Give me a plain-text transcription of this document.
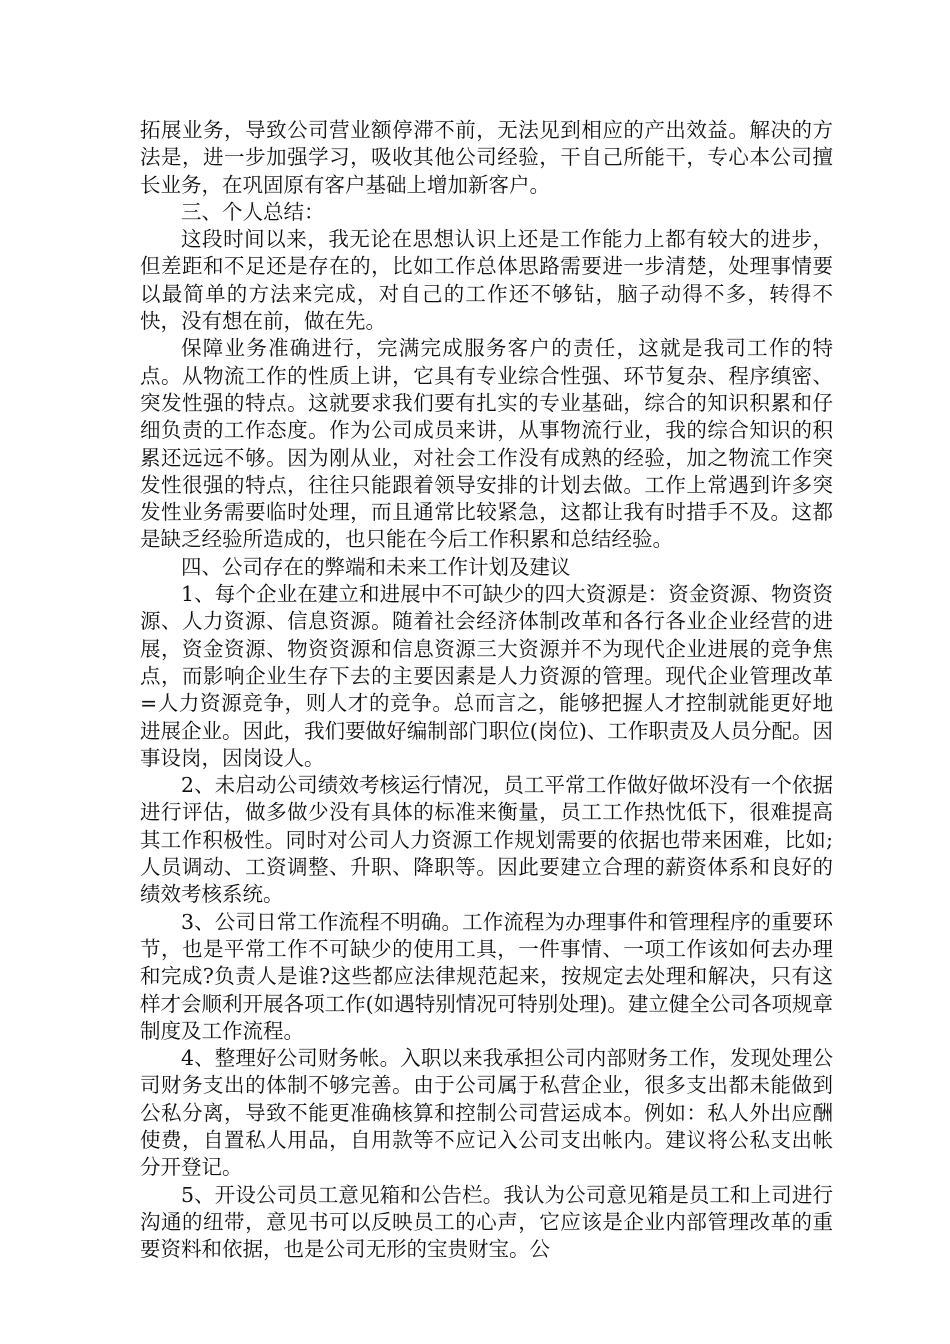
拓展业务，导致公司营业额停滞不前，无法见到相应的产出效益。解决的方法是，进一步加强学习，吸收其他公司经验，干自己所能干，专心本公司擅长业务，在巩固原有客户基础上增加新客户。

三、个人总结：

这段时间以来，我无论在思想认识上还是工作能力上都有较大的进步，但差距和不足还是存在的，比如工作总体思路需要进一步清楚，处理事情要以最简单的方法来完成，对自己的工作还不够钻，脑子动得不多，转得不快，没有想在前，做在先。

保障业务准确进行，完满完成服务客户的责任，这就是我司工作的特点。从物流工作的性质上讲，它具有专业综合性强、环节复杂、程序缜密、突发性强的特点。这就要求我们要有扎实的专业基础，综合的知识积累和仔细负责的工作态度。作为公司成员来讲，从事物流行业，我的综合知识的积累还远远不够。因为刚从业，对社会工作没有成熟的经验，加之物流工作突发性很强的特点，往往只能跟着领导安排的计划去做。工作上常遇到许多突发性业务需要临时处理，而且通常比较紧急，这都让我有时措手不及。这都是缺乏经验所造成的，也只能在今后工作积累和总结经验。

四、公司存在的弊端和未来工作计划及建议

1、每个企业在建立和进展中不可缺少的四大资源是：资金资源、物资资源、人力资源、信息资源。随着社会经济体制改革和各行各业企业经营的进展，资金资源、物资资源和信息资源三大资源并不为现代企业进展的竞争焦点，而影响企业生存下去的主要因素是人力资源的管理。现代企业管理改革=人力资源竞争，则人才的竞争。总而言之，能够把握人才控制就能更好地进展企业。因此，我们要做好编制部门职位(岗位)、工作职责及人员分配。因事设岗，因岗设人。

2、未启动公司绩效考核运行情况，员工平常工作做好做坏没有一个依据进行评估，做多做少没有具体的标准来衡量，员工工作热忱低下，很难提高其工作积极性。同时对公司人力资源工作规划需要的依据也带来困难，比如;人员调动、工资调整、升职、降职等。因此要建立合理的薪资体系和良好的绩效考核系统。

3、公司日常工作流程不明确。工作流程为办理事件和管理程序的重要环节，也是平常工作不可缺少的使用工具，一件事情、一项工作该如何去办理和完成?负责人是谁?这些都应法律规范起来，按规定去处理和解决，只有这样才会顺利开展各项工作(如遇特别情况可特别处理)。建立健全公司各项规章制度及工作流程。

4、整理好公司财务帐。入职以来我承担公司内部财务工作，发现处理公司财务支出的体制不够完善。由于公司属于私营企业，很多支出都未能做到公私分离，导致不能更准确核算和控制公司营运成本。例如：私人外出应酬使费，自置私人用品，自用款等不应记入公司支出帐内。建议将公私支出帐分开登记。

5、开设公司员工意见箱和公告栏。我认为公司意见箱是员工和上司进行沟通的纽带，意见书可以反映员工的心声，它应该是企业内部管理改革的重要资料和依据，也是公司无形的宝贵财宝。公
